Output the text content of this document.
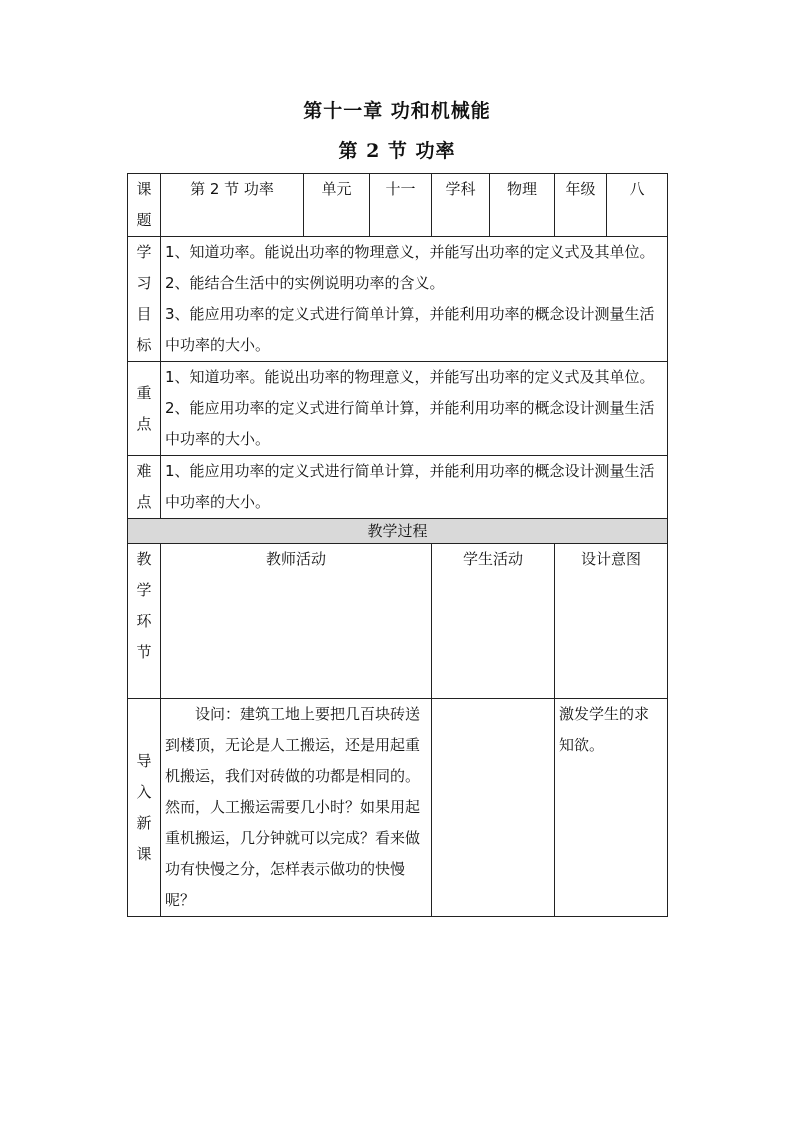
第十一章 功和机械能
第 2 节 功率
课
题	第 2 节 功率	单元	十一	学科	物理	年级	八

学
习
目
标	1、知道功率。能说出功率的物理意义，并能写出功率的定义式及其单位。
2、能结合生活中的实例说明功率的含义。
3、能应用功率的定义式进行简单计算，并能利用功率的概念设计测量生活中功率的大小。						

重
点	1、知道功率。能说出功率的物理意义，并能写出功率的定义式及其单位。
2、能应用功率的定义式进行简单计算，并能利用功率的概念设计测量生活中功率的大小。						

难
点	1、能应用功率的定义式进行简单计算，并能利用功率的概念设计测量生活中功率的大小。						

教学过程							

教
学
环
节	教师活动			学生活动		设计意图	

导
入
新
课	设问：建筑工地上要把几百块砖送到楼顶，无论是人工搬运，还是用起重机搬运，我们对砖做的功都是相同的。然而，人工搬运需要几小时？如果用起重机搬运，几分钟就可以完成？看来做功有快慢之分，怎样表示做功的快慢呢？					激发学生的求知欲。	
